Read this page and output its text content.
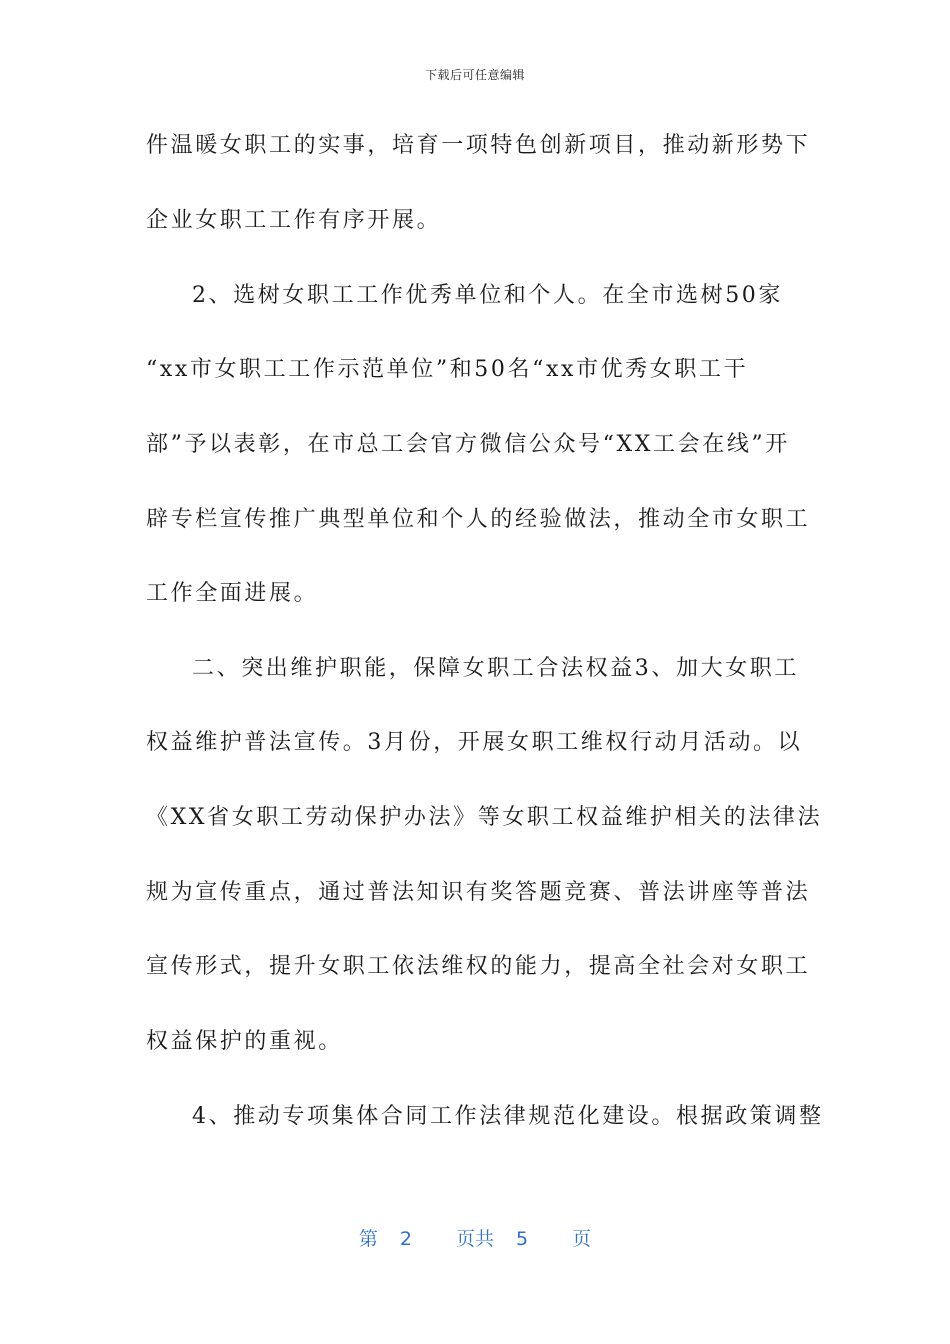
下载后可任意编辑
件温暖女职工的实事，培育一项特色创新项目，推动新形势下
企业女职工工作有序开展。
2、选树女职工工作优秀单位和个人。在全市选树50家
“xx市女职工工作示范单位”和50名“xx市优秀女职工干
部”予以表彰，在市总工会官方微信公众号“XX工会在线”开
辟专栏宣传推广典型单位和个人的经验做法，推动全市女职工
工作全面进展。
二、突出维护职能，保障女职工合法权益3、加大女职工
权益维护普法宣传。3月份，开展女职工维权行动月活动。以
《XX省女职工劳动保护办法》等女职工权益维护相关的法律法
规为宣传重点，通过普法知识有奖答题竞赛、普法讲座等普法
宣传形式，提升女职工依法维权的能力，提高全社会对女职工
权益保护的重视。
4、推动专项集体合同工作法律规范化建设。根据政策调整
第 2 页共 5 页
